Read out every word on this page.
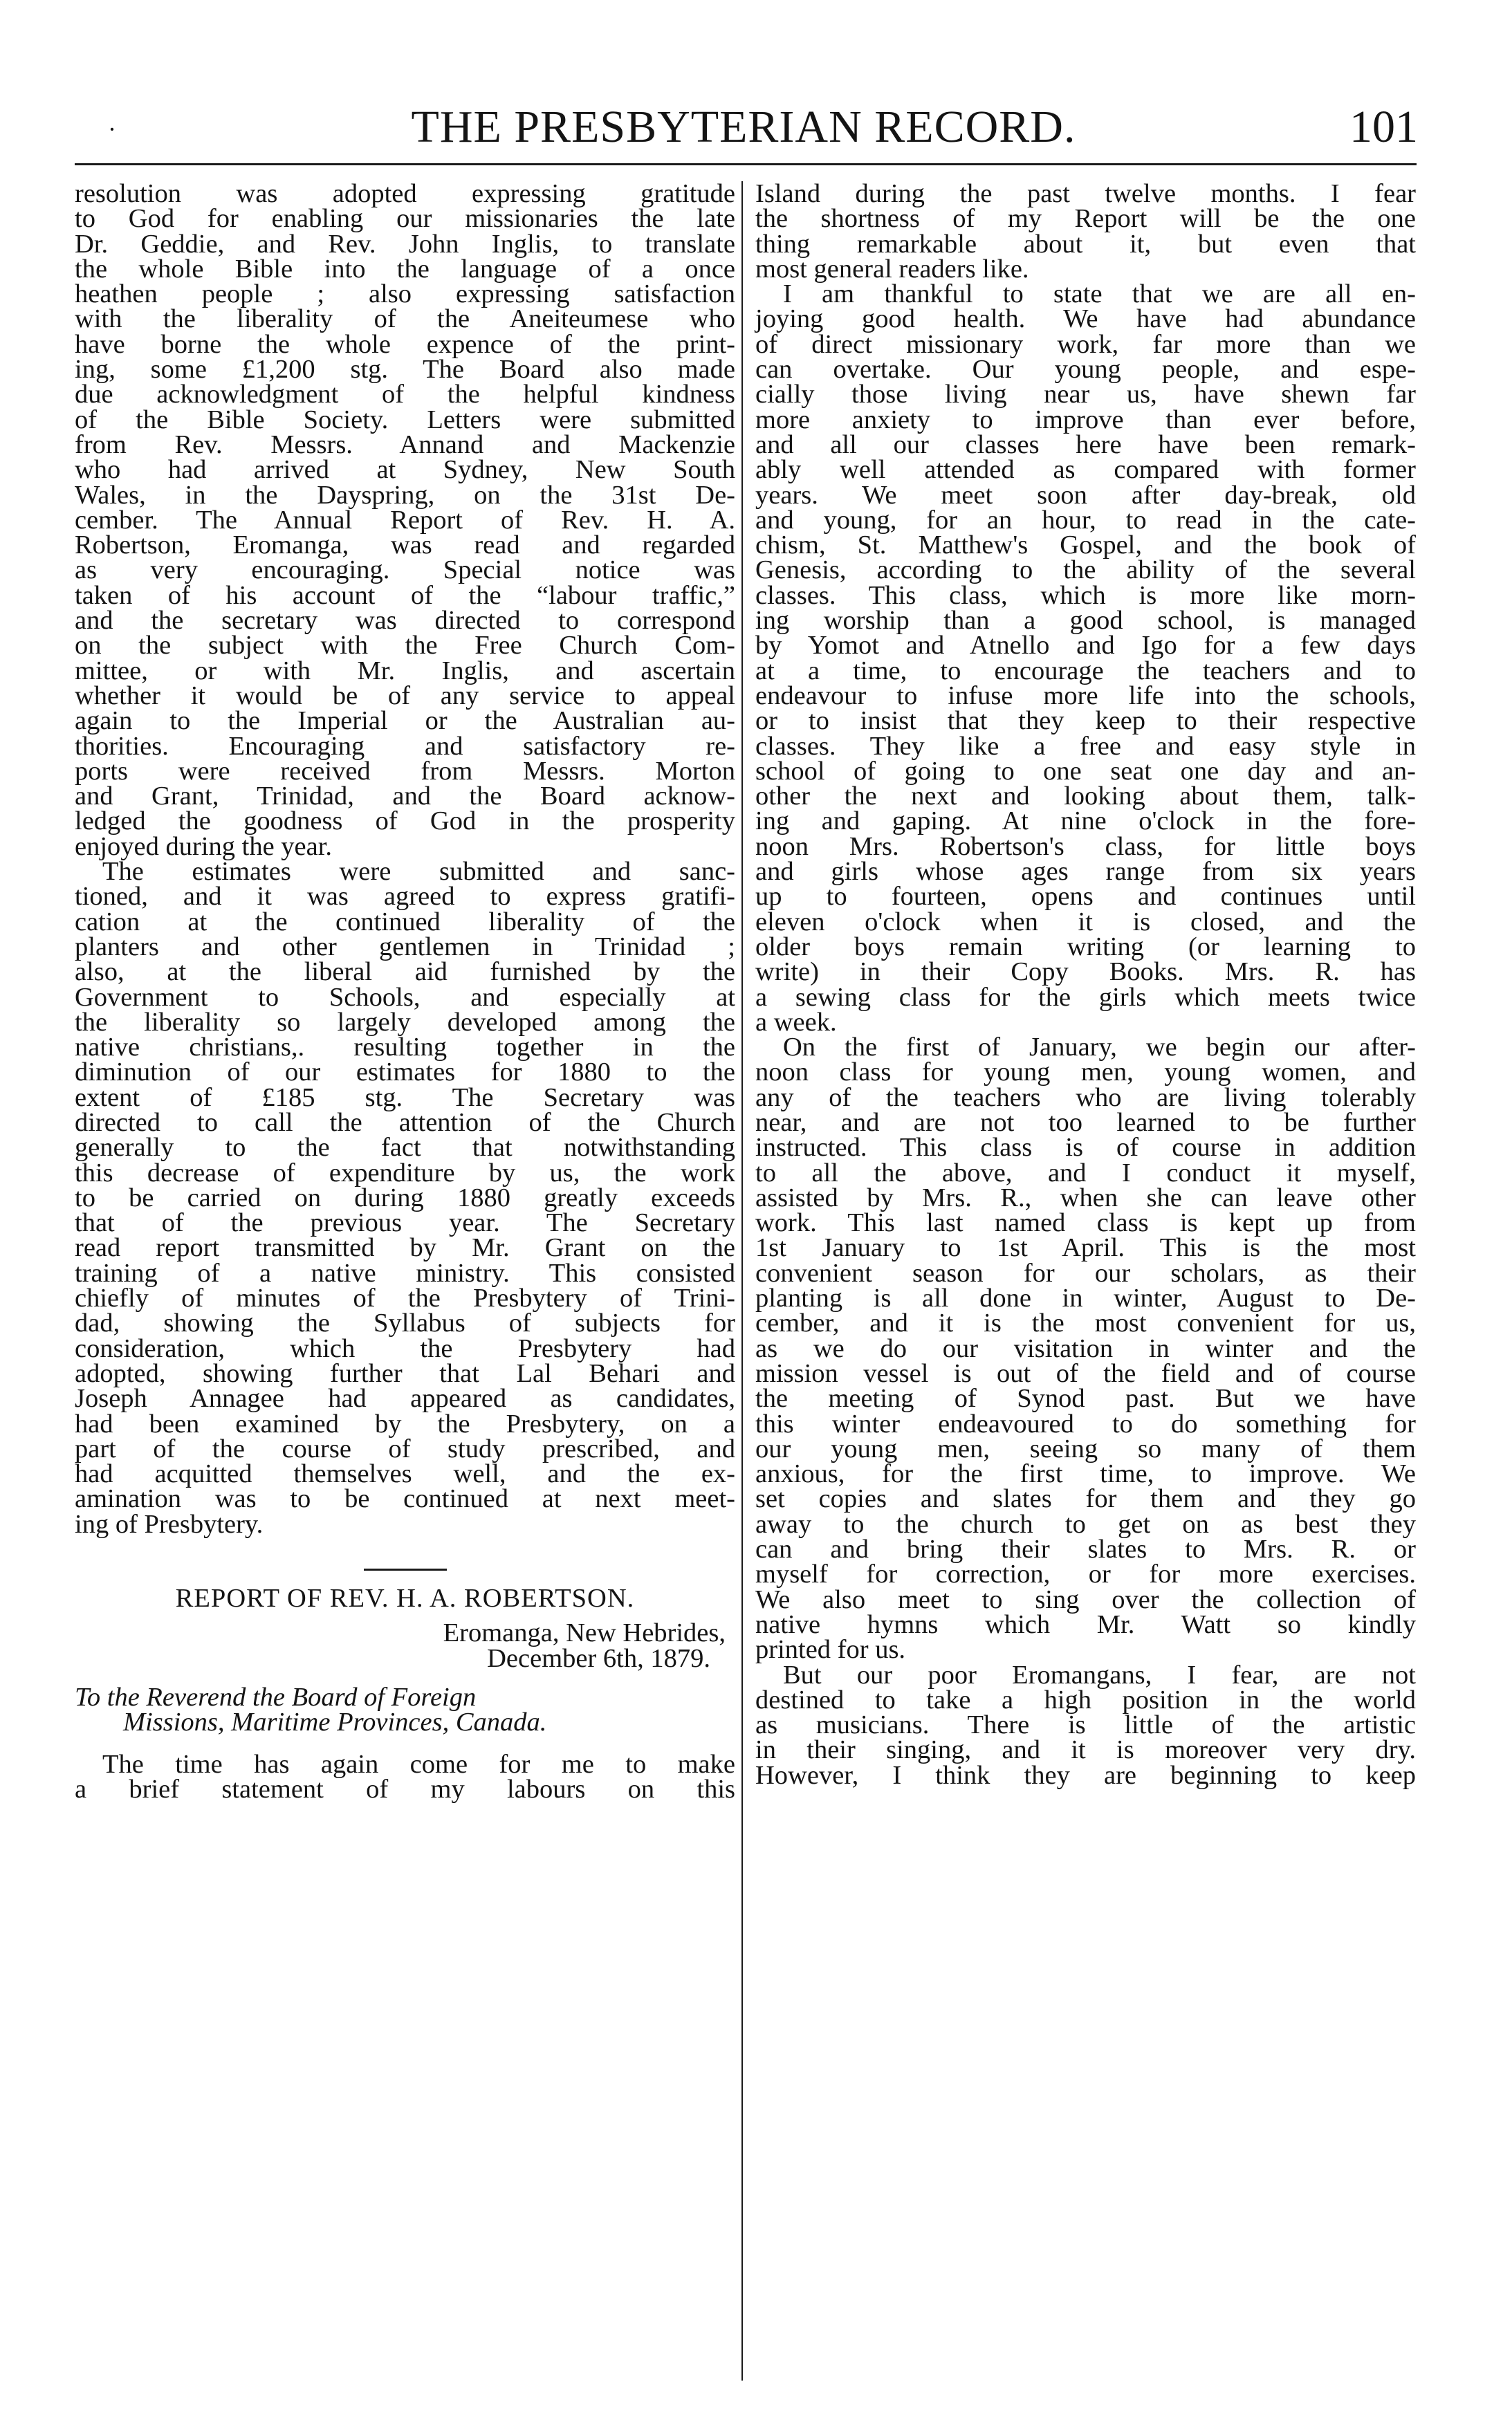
·	THE PRESBYTERIAN RECORD.	101
resolution was adopted expressing gratitude
to God for enabling our missionaries the late
Dr. Geddie, and Rev. John Inglis, to translate
the whole Bible into the language of a once
heathen people ; also expressing satisfaction
with the liberality of the Aneiteumese who
have borne the whole expence of the print-
ing, some £1,200 stg. The Board also made
due acknowledgment of the helpful kindness
of the Bible Society. Letters were submitted
from Rev. Messrs. Annand and Mackenzie
who had arrived at Sydney, New South
Wales, in the Dayspring, on the 31st De-
cember. The Annual Report of Rev. H. A.
Robertson, Eromanga, was read and regarded
as very encouraging. Special notice was
taken of his account of the “labour traffic,”
and the secretary was directed to correspond
on the subject with the Free Church Com-
mittee, or with Mr. Inglis, and ascertain
whether it would be of any service to appeal
again to the Imperial or the Australian au-
thorities. Encouraging and satisfactory re-
ports were received from Messrs. Morton
and Grant, Trinidad, and the Board acknow-
ledged the goodness of God in the prosperity
enjoyed during the year.
The estimates were submitted and sanc-
tioned, and it was agreed to express gratifi-
cation at the continued liberality of the
planters and other gentlemen in Trinidad ;
also, at the liberal aid furnished by the
Government to Schools, and especially at
the liberality so largely developed among the
native christians,. resulting together in the
diminution of our estimates for 1880 to the
extent of £185 stg. The Secretary was
directed to call the attention of the Church
generally to the fact that notwithstanding
this decrease of expenditure by us, the work
to be carried on during 1880 greatly exceeds
that of the previous year. The Secretary
read report transmitted by Mr. Grant on the
training of a native ministry. This consisted
chiefly of minutes of the Presbytery of Trini-
dad, showing the Syllabus of subjects for
consideration, which the Presbytery had
adopted, showing further that Lal Behari and
Joseph Annagee had appeared as candidates,
had been examined by the Presbytery, on a
part of the course of study prescribed, and
had acquitted themselves well, and the ex-
amination was to be continued at next meet-
ing of Presbytery.
REPORT OF REV. H. A. ROBERTSON.
Eromanga, New Hebrides,
December 6th, 1879.
To the Reverend the Board of Foreign
Missions, Maritime Provinces, Canada.
The time has again come for me to make
a brief statement of my labours on this
Island during the past twelve months. I fear
the shortness of my Report will be the one
thing remarkable about it, but even that
most general readers like.
I am thankful to state that we are all en-
joying good health. We have had abundance
of direct missionary work, far more than we
can overtake. Our young people, and espe-
cially those living near us, have shewn far
more anxiety to improve than ever before,
and all our classes here have been remark-
ably well attended as compared with former
years. We meet soon after day-break, old
and young, for an hour, to read in the cate-
chism, St. Matthew's Gospel, and the book of
Genesis, according to the ability of the several
classes. This class, which is more like morn-
ing worship than a good school, is managed
by Yomot and Atnello and Igo for a few days
at a time, to encourage the teachers and to
endeavour to infuse more life into the schools,
or to insist that they keep to their respective
classes. They like a free and easy style in
school of going to one seat one day and an-
other the next and looking about them, talk-
ing and gaping. At nine o'clock in the fore-
noon Mrs. Robertson's class, for little boys
and girls whose ages range from six years
up to fourteen, opens and continues until
eleven o'clock when it is closed, and the
older boys remain writing (or learning to
write) in their Copy Books. Mrs. R. has
a sewing class for the girls which meets twice
a week.
On the first of January, we begin our after-
noon class for young men, young women, and
any of the teachers who are living tolerably
near, and are not too learned to be further
instructed. This class is of course in addition
to all the above, and I conduct it myself,
assisted by Mrs. R., when she can leave other
work. This last named class is kept up from
1st January to 1st April. This is the most
convenient season for our scholars, as their
planting is all done in winter, August to De-
cember, and it is the most convenient for us,
as we do our visitation in winter and the
mission vessel is out of the field and of course
the meeting of Synod past. But we have
this winter endeavoured to do something for
our young men, seeing so many of them
anxious, for the first time, to improve. We
set copies and slates for them and they go
away to the church to get on as best they
can and bring their slates to Mrs. R. or
myself for correction, or for more exercises.
We also meet to sing over the collection of
native hymns which Mr. Watt so kindly
printed for us.
But our poor Eromangans, I fear, are not
destined to take a high position in the world
as musicians. There is little of the artistic
in their singing, and it is moreover very dry.
However, I think they are beginning to keep
